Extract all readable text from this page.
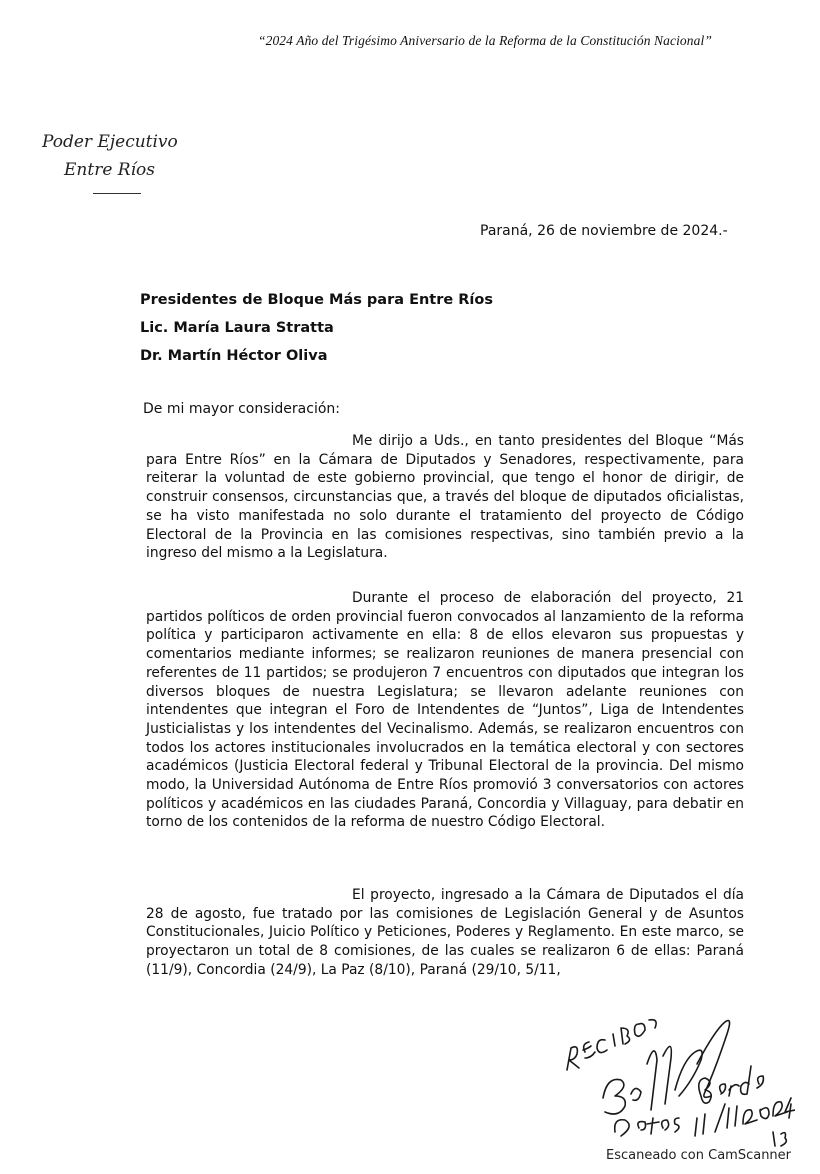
“2024 Año del Trigésimo Aniversario de la Reforma de la Constitución Nacional”
Poder Ejecutivo
Entre Ríos
Paraná, 26 de noviembre de 2024.-
Presidentes de Bloque Más para Entre Ríos
Lic. María Laura Stratta
Dr. Martín Héctor Oliva
De mi mayor consideración:

Me dirijo a Uds., en tanto presidentes del Bloque “Más para Entre Ríos” en la Cámara de Diputados y Senadores, respectivamente, para reiterar la voluntad de este gobierno provincial, que tengo el honor de dirigir, de construir consensos, circunstancias que, a través del bloque de diputados oficialistas, se ha visto manifestada no solo durante el tratamiento del proyecto de Código Electoral de la Provincia en las comisiones respectivas, sino también previo a la ingreso del mismo a la Legislatura.

Durante el proceso de elaboración del proyecto, 21 partidos políticos de orden provincial fueron convocados al lanzamiento de la reforma política y participaron activamente en ella: 8 de ellos elevaron sus propuestas y comentarios mediante informes; se realizaron reuniones de manera presencial con referentes de 11 partidos; se produjeron 7 encuentros con diputados que integran los diversos bloques de nuestra Legislatura; se llevaron adelante reuniones con intendentes que integran el Foro de Intendentes de “Juntos”, Liga de Intendentes Justicialistas y los intendentes del Vecinalismo. Además, se realizaron encuentros con todos los actores institucionales involucrados en la temática electoral y con sectores académicos (Justicia Electoral federal y Tribunal Electoral de la provincia. Del mismo modo, la Universidad Autónoma de Entre Ríos promovió 3 conversatorios con actores políticos y académicos en las ciudades Paraná, Concordia y Villaguay, para debatir en torno de los contenidos de la reforma de nuestro Código Electoral.

El proyecto, ingresado a la Cámara de Diputados el día 28 de agosto, fue tratado por las comisiones de Legislación General y de Asuntos Constitucionales, Juicio Político y Peticiones, Poderes y Reglamento. En este marco, se proyectaron un total de 8 comisiones, de las cuales se realizaron 6 de ellas: Paraná (11/9), Concordia (24/9), La Paz (8/10), Paraná (29/10, 5/11,

Escaneado con CamScanner
